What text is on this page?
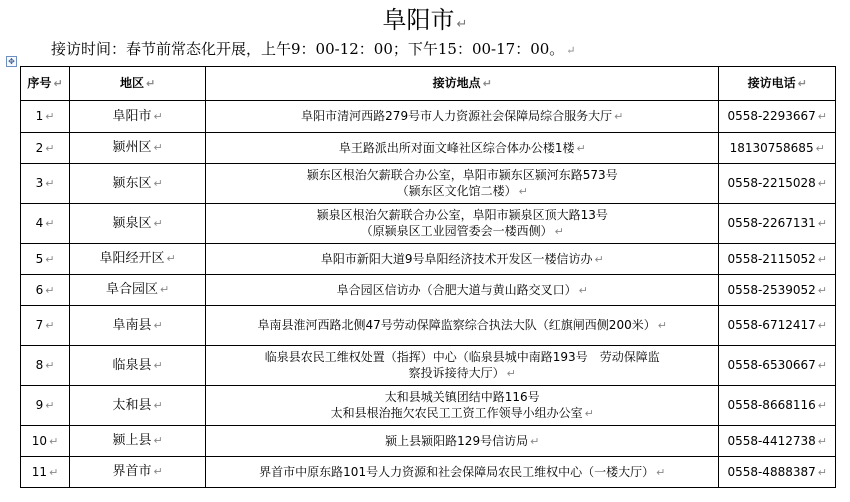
阜阳市 ↵
接访时间：春节前常态化开展，上午9：00-12：00；下午15：00-17：00。 ↵
✥
序号 ↵	地区 ↵	接访地点 ↵	接访电话 ↵
1 ↵	阜阳市 ↵	阜阳市清河西路279号市人力资源社会保障局综合服务大厅 ↵	0558-2293667 ↵
2 ↵	颍州区 ↵	阜王路派出所对面文峰社区综合体办公楼1楼 ↵	18130758685 ↵
3 ↵	颍东区 ↵	颍东区根治欠薪联合办公室，阜阳市颍东区颍河东路573号
（颍东区文化馆二楼） ↵	0558-2215028 ↵
4 ↵	颍泉区 ↵	颍泉区根治欠薪联合办公室，阜阳市颍泉区顶大路13号
（原颍泉区工业园管委会一楼西侧） ↵	0558-2267131 ↵
5 ↵	阜阳经开区 ↵	阜阳市新阳大道9号阜阳经济技术开发区一楼信访办 ↵	0558-2115052 ↵
6 ↵	阜合园区 ↵	阜合园区信访办（合肥大道与黄山路交叉口） ↵	0558-2539052 ↵
7 ↵	阜南县 ↵	阜南县淮河西路北侧47号劳动保障监察综合执法大队（红旗闸西侧200米） ↵	0558-6712417 ↵
8 ↵	临泉县 ↵	临泉县农民工维权处置（指挥）中心（临泉县城中南路193号　劳动保障监
察投诉接待大厅） ↵	0558-6530667 ↵
9 ↵	太和县 ↵	太和县城关镇团结中路116号
太和县根治拖欠农民工工资工作领导小组办公室 ↵	0558-8668116 ↵
10 ↵	颍上县 ↵	颍上县颍阳路129号信访局 ↵	0558-4412738 ↵
11 ↵	界首市 ↵	界首市中原东路101号人力资源和社会保障局农民工维权中心（一楼大厅） ↵	0558-4888387 ↵
